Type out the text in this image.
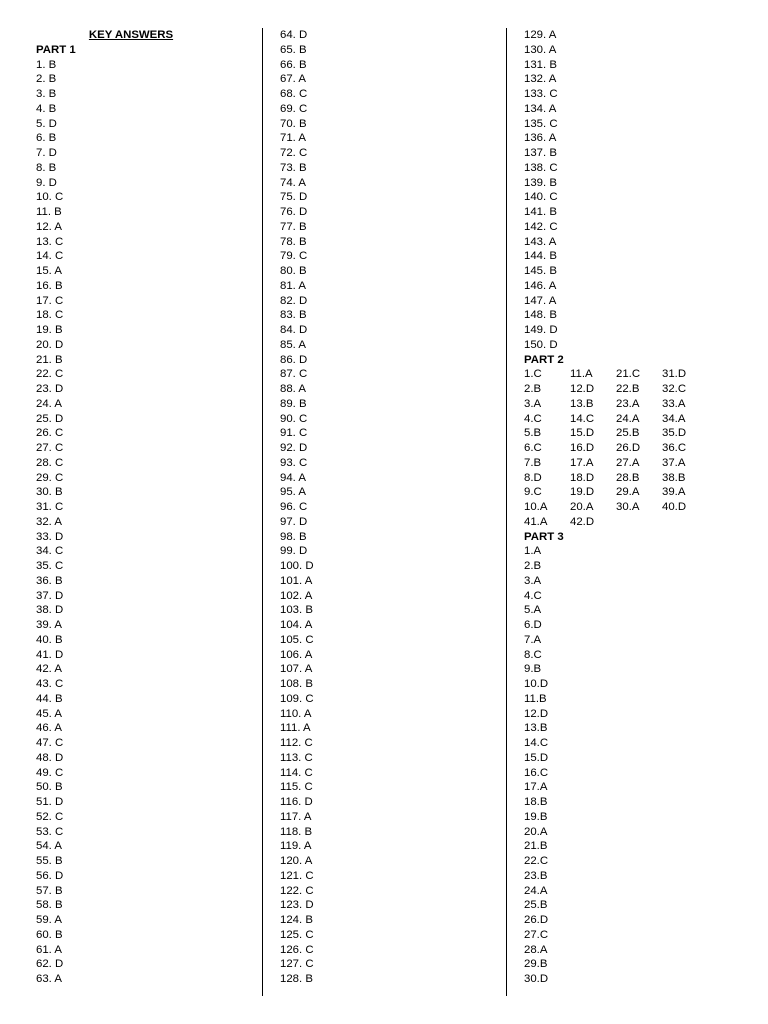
KEY ANSWERS
PART 1
1. B
2. B
3. B
4. B
5. D
6. B
7. D
8. B
9. D
10. C
11. B
12. A
13. C
14. C
15. A
16. B
17. C
18. C
19. B
20. D
21. B
22. C
23. D
24. A
25. D
26. C
27. C
28. C
29. C
30. B
31. C
32. A
33. D
34. C
35. C
36. B
37. D
38. D
39. A
40. B
41. D
42. A
43. C
44. B
45. A
46. A
47. C
48. D
49. C
50. B
51. D
52. C
53. C
54. A
55. B
56. D
57. B
58. B
59. A
60. B
61. A
62. D
63. A
64. D
65. B
66. B
67. A
68. C
69. C
70. B
71. A
72. C
73. B
74. A
75. D
76. D
77. B
78. B
79. C
80. B
81. A
82. D
83. B
84. D
85. A
86. D
87. C
88. A
89. B
90. C
91. C
92. D
93. C
94. A
95. A
96. C
97. D
98. B
99. D
100. D
101. A
102. A
103. B
104. A
105. C
106. A
107. A
108. B
109. C
110. A
111. A
112. C
113. C
114. C
115. C
116. D
117. A
118. B
119. A
120. A
121. C
122. C
123. D
124. B
125. C
126. C
127. C
128. B
129. A
130. A
131. B
132. A
133. C
134. A
135. C
136. A
137. B
138. C
139. B
140. C
141. B
142. C
143. A
144. B
145. B
146. A
147. A
148. B
149. D
150. D
PART 2
1.C 11.A 21.C 31.D
2.B	12.D 22.B 32.C
3.A	13.B 23.A 33.A
4.C 14.C 24.A 34.A
5.B	15.D 25.B 35.D
6.C 16.D 26.D 36.C
7.B	17.A 27.A 37.A
8.D 18.D 28.B 38.B
9.C 19.D 29.A 39.A
10.A 20.A 30.A 40.D
41.A 42.D
PART 3
1.A
2.B
3.A
4.C
5.A
6.D
7.A
8.C
9.B
10.D
11.B
12.D
13.B
14.C
15.D
16.C
17.A
18.B
19.B
20.A
21.B
22.C
23.B
24.A
25.B
26.D
27.C
28.A
29.B
30.D
